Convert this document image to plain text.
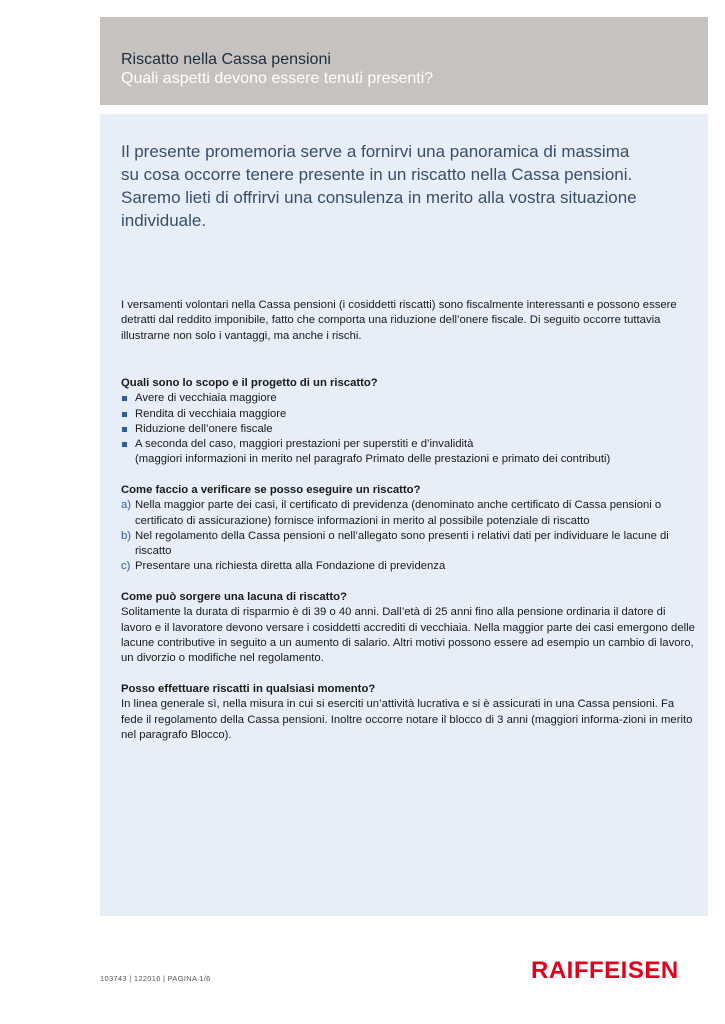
Riscatto nella Cassa pensioni
Quali aspetti devono essere tenuti presenti?

Il presente promemoria serve a fornirvi una panoramica di massima su cosa occorre tenere presente in un riscatto nella Cassa pensioni. Saremo lieti di offrirvi una consulenza in merito alla vostra situazione individuale.

I versamenti volontari nella Cassa pensioni (i cosiddetti riscatti) sono fiscalmente interessanti e possono essere detratti dal reddito imponibile, fatto che comporta una riduzione dell’onere fiscale. Di seguito occorre tuttavia illustrarne non solo i vantaggi, ma anche i rischi.

Quali sono lo scopo e il progetto di un riscatto?
Avere di vecchiaia maggiore
Rendita di vecchiaia maggiore
Riduzione dell’onere fiscale
A seconda del caso, maggiori prestazioni per superstiti e d’invalidità

(maggiori informazioni in merito nel paragrafo Primato delle prestazioni e primato dei contributi)

Come faccio a verificare se posso eseguire un riscatto?
a) Nella maggior parte dei casi, il certificato di previdenza (denominato anche certificato di Cassa pensioni o certificato di assicurazione) fornisce informazioni in merito al possibile potenziale di riscatto
b) Nel regolamento della Cassa pensioni o nell’allegato sono presenti i relativi dati per individuare le lacune di riscatto
c) Presentare una richiesta diretta alla Fondazione di previdenza
Come può sorgere una lacuna di riscatto?

Solitamente la durata di risparmio è di 39 o 40 anni. Dall’età di 25 anni fino alla pensione ordinaria il datore di lavoro e il lavoratore devono versare i cosiddetti accrediti di vecchiaia. Nella maggior parte dei casi emergono delle lacune contributive in seguito a un aumento di salario. Altri motivi possono essere ad esempio un cambio di lavoro, un divorzio o modifiche nel regolamento.

Posso effettuare riscatti in qualsiasi momento?

In linea generale sì, nella misura in cui si eserciti un’attività lucrativa e si è assicurati in una Cassa pensioni. Fa fede il regolamento della Cassa pensioni. Inoltre occorre notare il blocco di 3 anni (maggiori informa-zioni in merito nel paragrafo Blocco).

103743 | 122016 | PAGINA 1/6	RAIFFEISEN
